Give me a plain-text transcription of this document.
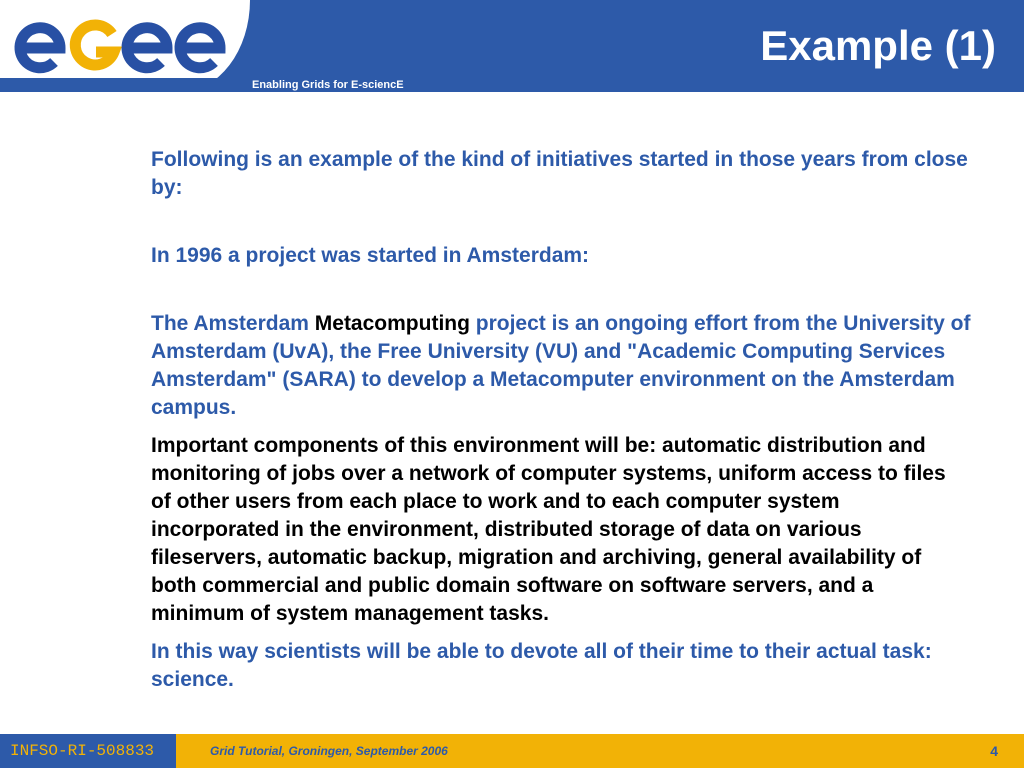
Enabling Grids for E-sciencE
Example (1)

Following is an example of the kind of initiatives started in those years from close by:

In 1996 a project was started in Amsterdam:

The Amsterdam Metacomputing project is an ongoing effort from the University of Amsterdam (UvA), the Free University (VU) and "Academic Computing Services Amsterdam" (SARA) to develop a Metacomputer environment on the Amsterdam campus.

Important components of this environment will be: automatic distribution and monitoring of jobs over a network of computer systems, uniform access to files of other users from each place to work and to each computer system incorporated in the environment, distributed storage of data on various fileservers, automatic backup, migration and archiving, general availability of both commercial and public domain software on software servers, and a minimum of system management tasks.

In this way scientists will be able to devote all of their time to their actual task: science.

INFSO-RI-508833	Grid Tutorial, Groningen, September 2006	4
